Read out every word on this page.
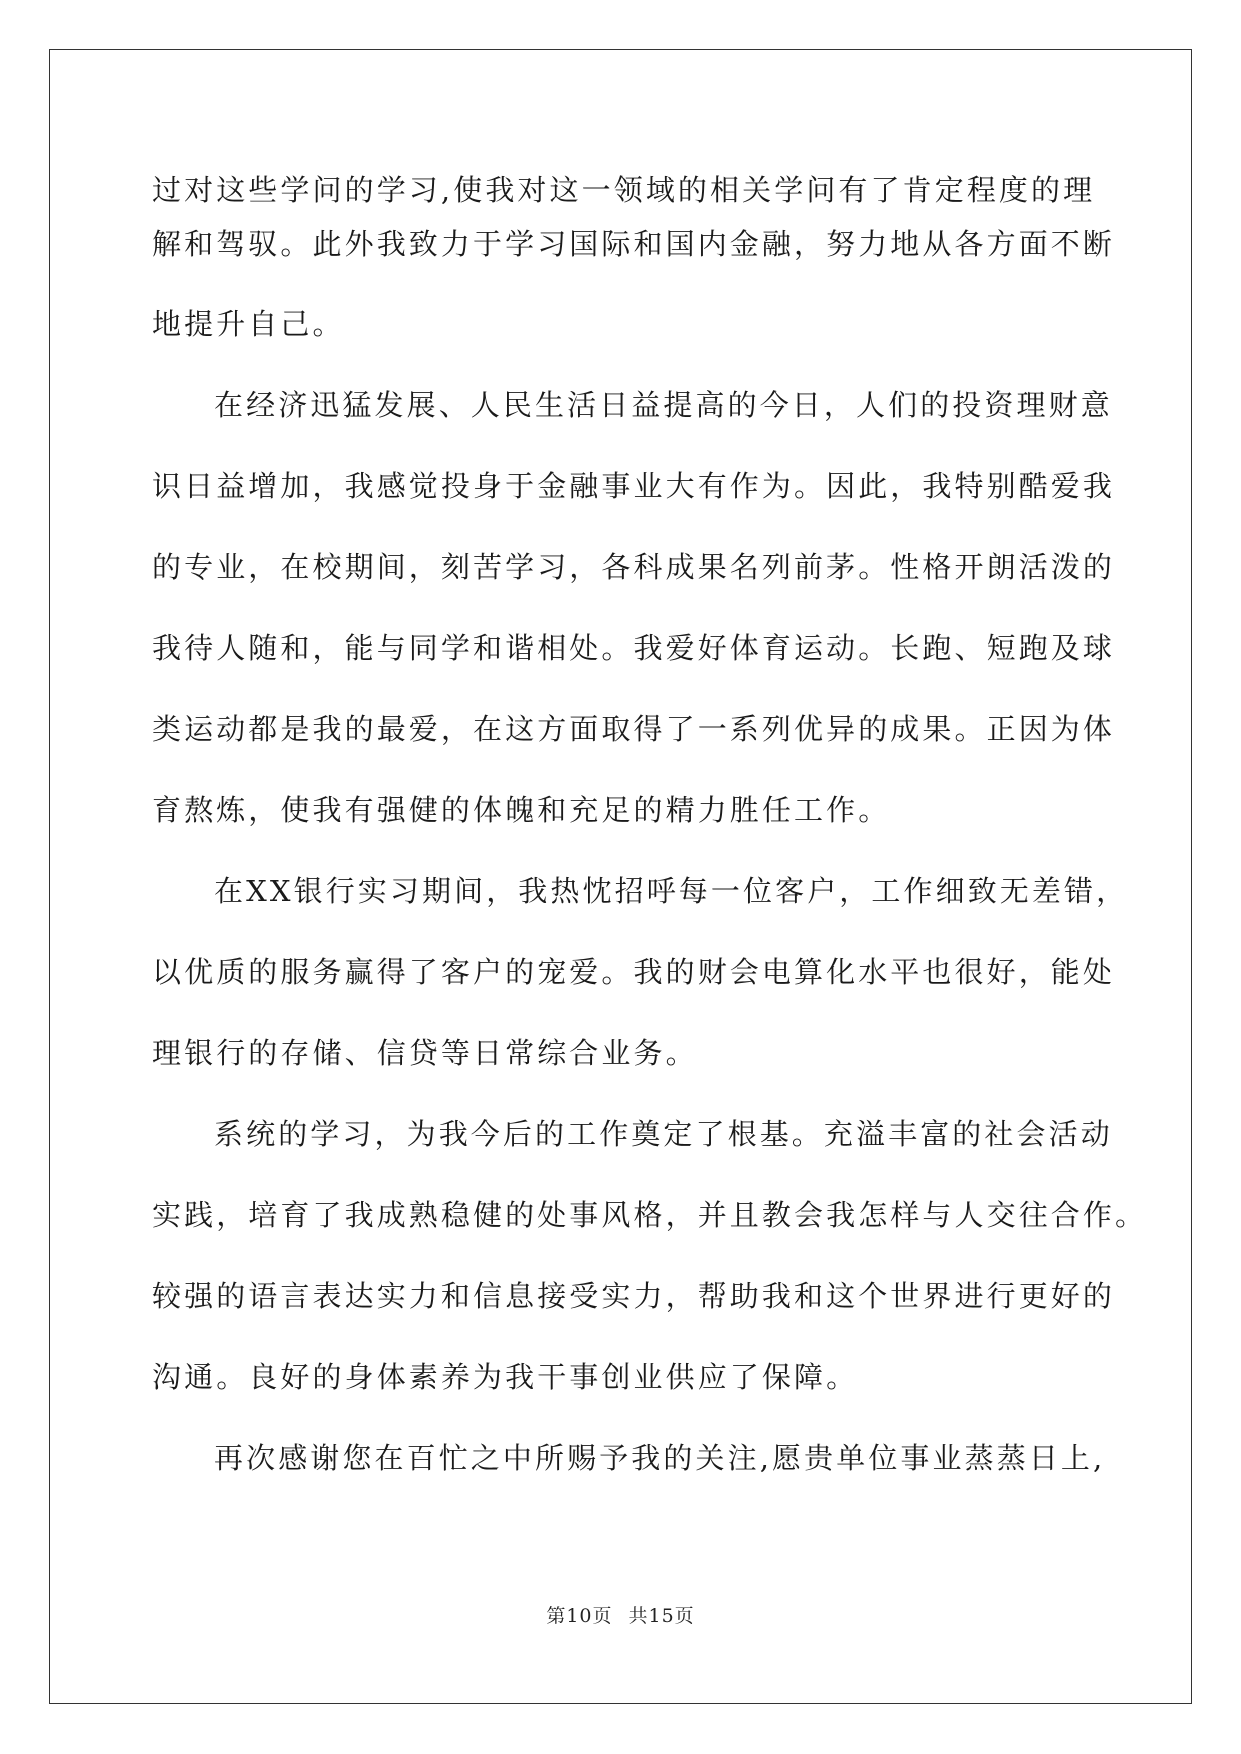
过对这些学问的学习,使我对这一领域的相关学问有了肯定程度的理
解和驾驭。此外我致力于学习国际和国内金融，努力地从各方面不断
地提升自己。
在经济迅猛发展、人民生活日益提高的今日，人们的投资理财意
识日益增加，我感觉投身于金融事业大有作为。因此，我特别酷爱我
的专业，在校期间，刻苦学习，各科成果名列前茅。性格开朗活泼的
我待人随和，能与同学和谐相处。我爱好体育运动。长跑、短跑及球
类运动都是我的最爱，在这方面取得了一系列优异的成果。正因为体
育熬炼，使我有强健的体魄和充足的精力胜任工作。
在XX银行实习期间，我热忱招呼每一位客户，工作细致无差错，
以优质的服务赢得了客户的宠爱。我的财会电算化水平也很好，能处
理银行的存储、信贷等日常综合业务。
系统的学习，为我今后的工作奠定了根基。充溢丰富的社会活动
实践，培育了我成熟稳健的处事风格，并且教会我怎样与人交往合作。
较强的语言表达实力和信息接受实力，帮助我和这个世界进行更好的
沟通。良好的身体素养为我干事创业供应了保障。
再次感谢您在百忙之中所赐予我的关注,愿贵单位事业蒸蒸日上,
第10页 共15页
